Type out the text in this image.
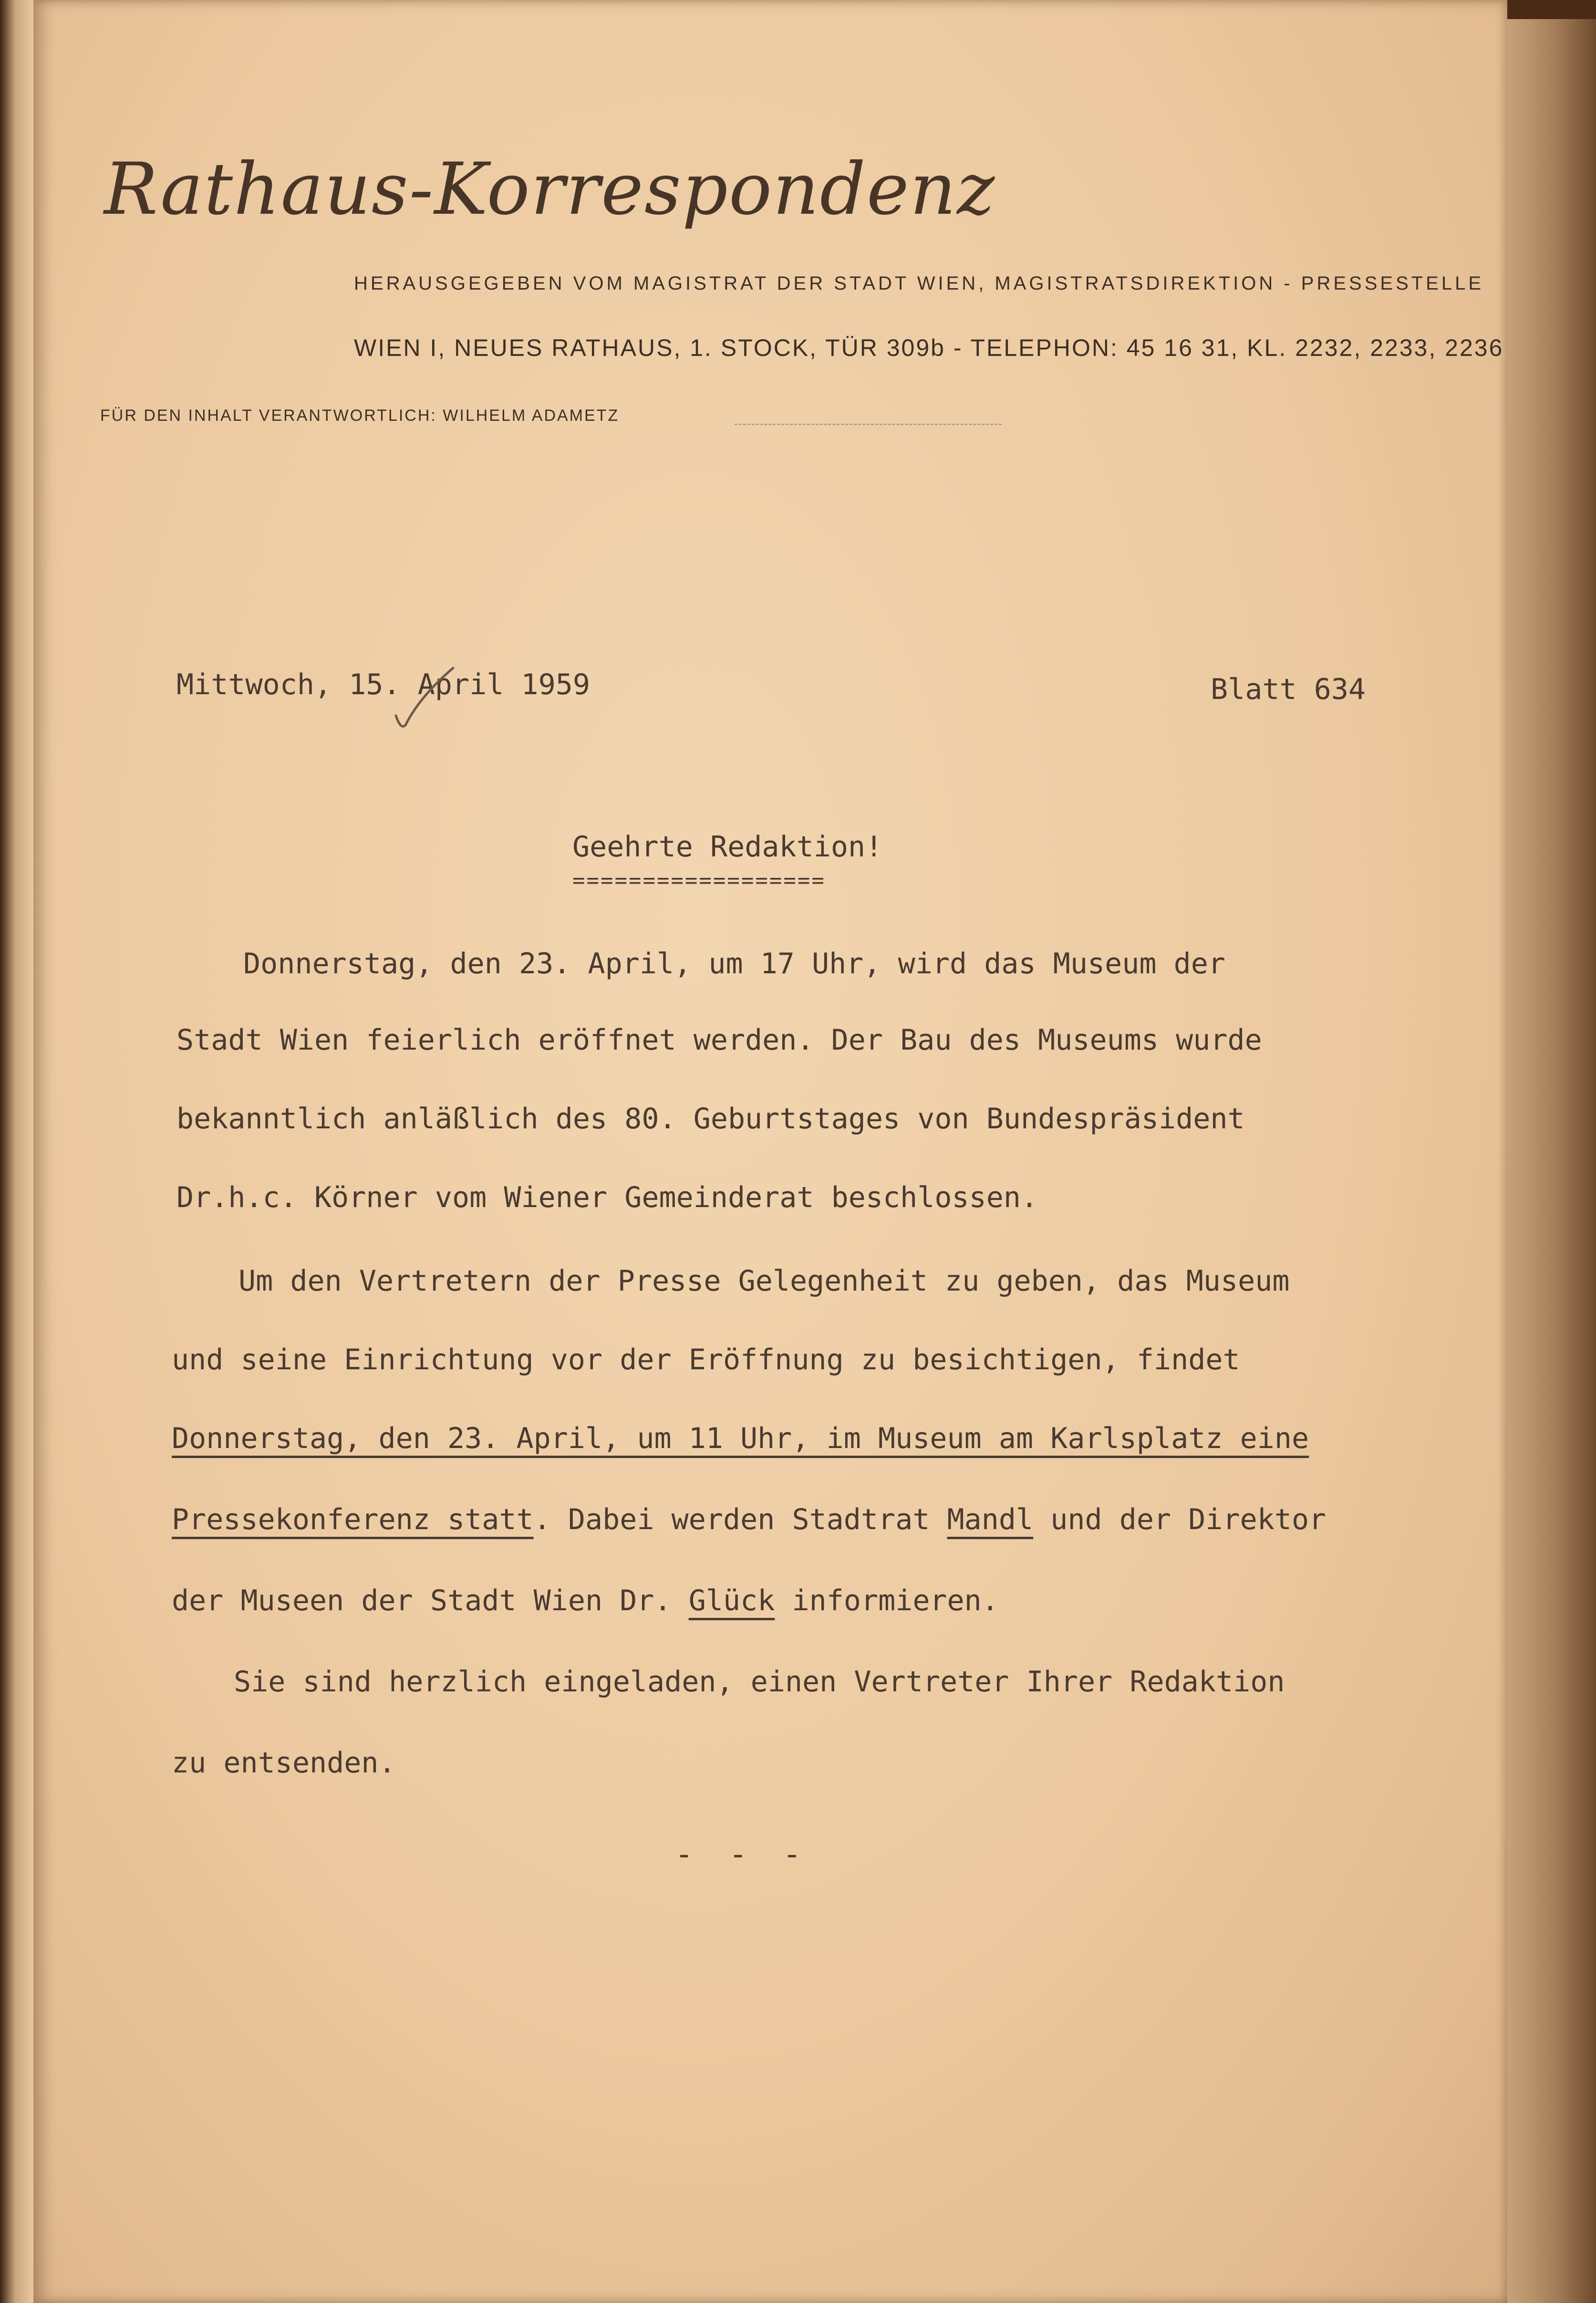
Rathaus-Korrespondenz
HERAUSGEGEBEN VOM MAGISTRAT DER STADT WIEN, MAGISTRATSDIREKTION - PRESSESTELLE
WIEN I, NEUES RATHAUS, 1. STOCK, TÜR 309b - TELEPHON: 45 16 31, KL. 2232, 2233, 2236
FÜR DEN INHALT VERANTWORTLICH: WILHELM ADAMETZ
Mittwoch, 15. April 1959	Blatt 634
Geehrte Redaktion!
==================
Donnerstag, den 23. April, um 17 Uhr, wird das Museum der
Stadt Wien feierlich eröffnet werden. Der Bau des Museums wurde
bekanntlich anläßlich des 80. Geburtstages von Bundespräsident
Dr.h.c. Körner vom Wiener Gemeinderat beschlossen.
Um den Vertretern der Presse Gelegenheit zu geben, das Museum
und seine Einrichtung vor der Eröffnung zu besichtigen, findet
Donnerstag, den 23. April, um 11 Uhr, im Museum am Karlsplatz eine
Pressekonferenz statt. Dabei werden Stadtrat Mandl und der Direktor
der Museen der Stadt Wien Dr. Glück informieren.
Sie sind herzlich eingeladen, einen Vertreter Ihrer Redaktion
zu entsenden.
- - -
